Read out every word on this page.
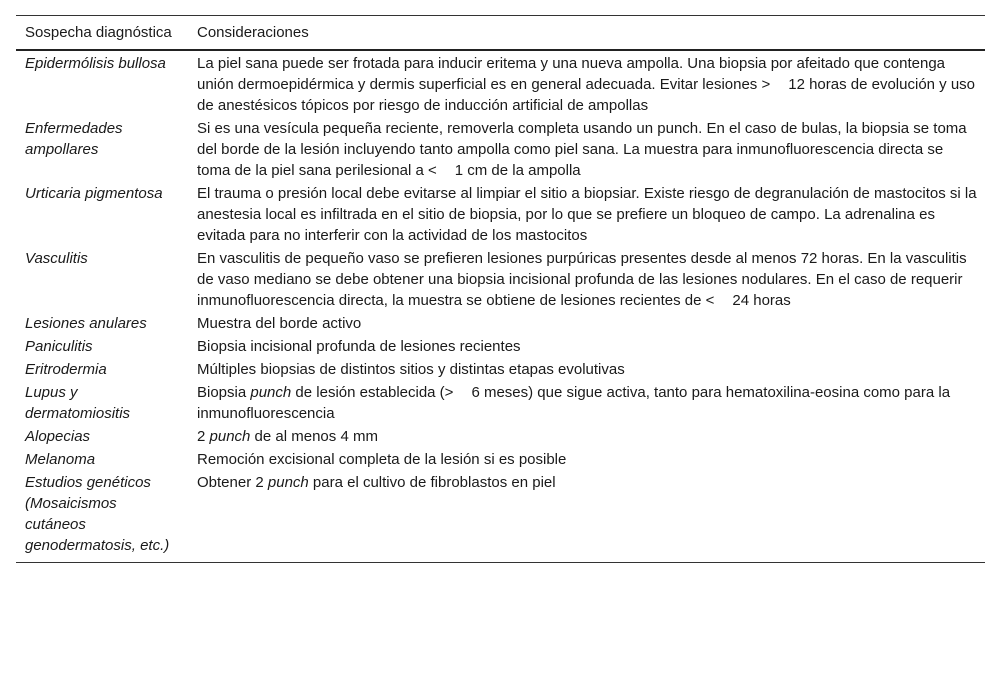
Sospecha diagnóstica	Consideraciones
Epidermólisis bullosa	La piel sana puede ser frotada para inducir eritema y una nueva ampolla. Una biopsia por afeitado que contenga unión dermoepidérmica y dermis superficial es en general adecuada. Evitar lesiones >  12 horas de evolución y uso de anestésicos tópicos por riesgo de inducción artificial de ampollas
Enfermedades ampollares	Si es una vesícula pequeña reciente, removerla completa usando un punch. En el caso de bulas, la biopsia se toma del borde de la lesión incluyendo tanto ampolla como piel sana. La muestra para inmunofluorescencia directa se toma de la piel sana perilesional a <  1 cm de la ampolla
Urticaria pigmentosa	El trauma o presión local debe evitarse al limpiar el sitio a biopsiar. Existe riesgo de degranulación de mastocitos si la anestesia local es infiltrada en el sitio de biopsia, por lo que se prefiere un bloqueo de campo. La adrenalina es evitada para no interferir con la actividad de los mastocitos
Vasculitis	En vasculitis de pequeño vaso se prefieren lesiones purpúricas presentes desde al menos 72 horas. En la vasculitis de vaso mediano se debe obtener una biopsia incisional profunda de las lesiones nodulares. En el caso de requerir inmunofluorescencia directa, la muestra se obtiene de lesiones recientes de <  24 horas
Lesiones anulares	Muestra del borde activo
Paniculitis	Biopsia incisional profunda de lesiones recientes
Eritrodermia	Múltiples biopsias de distintos sitios y distintas etapas evolutivas
Lupus y dermatomiositis	Biopsia punch de lesión establecida (>  6 meses) que sigue activa, tanto para hematoxilina-eosina como para la inmunofluorescencia
Alopecias	2 punch de al menos 4 mm
Melanoma	Remoción excisional completa de la lesión si es posible
Estudios genéticos (Mosaicismos cutáneos genodermatosis, etc.)	Obtener 2 punch para el cultivo de fibroblastos en piel
